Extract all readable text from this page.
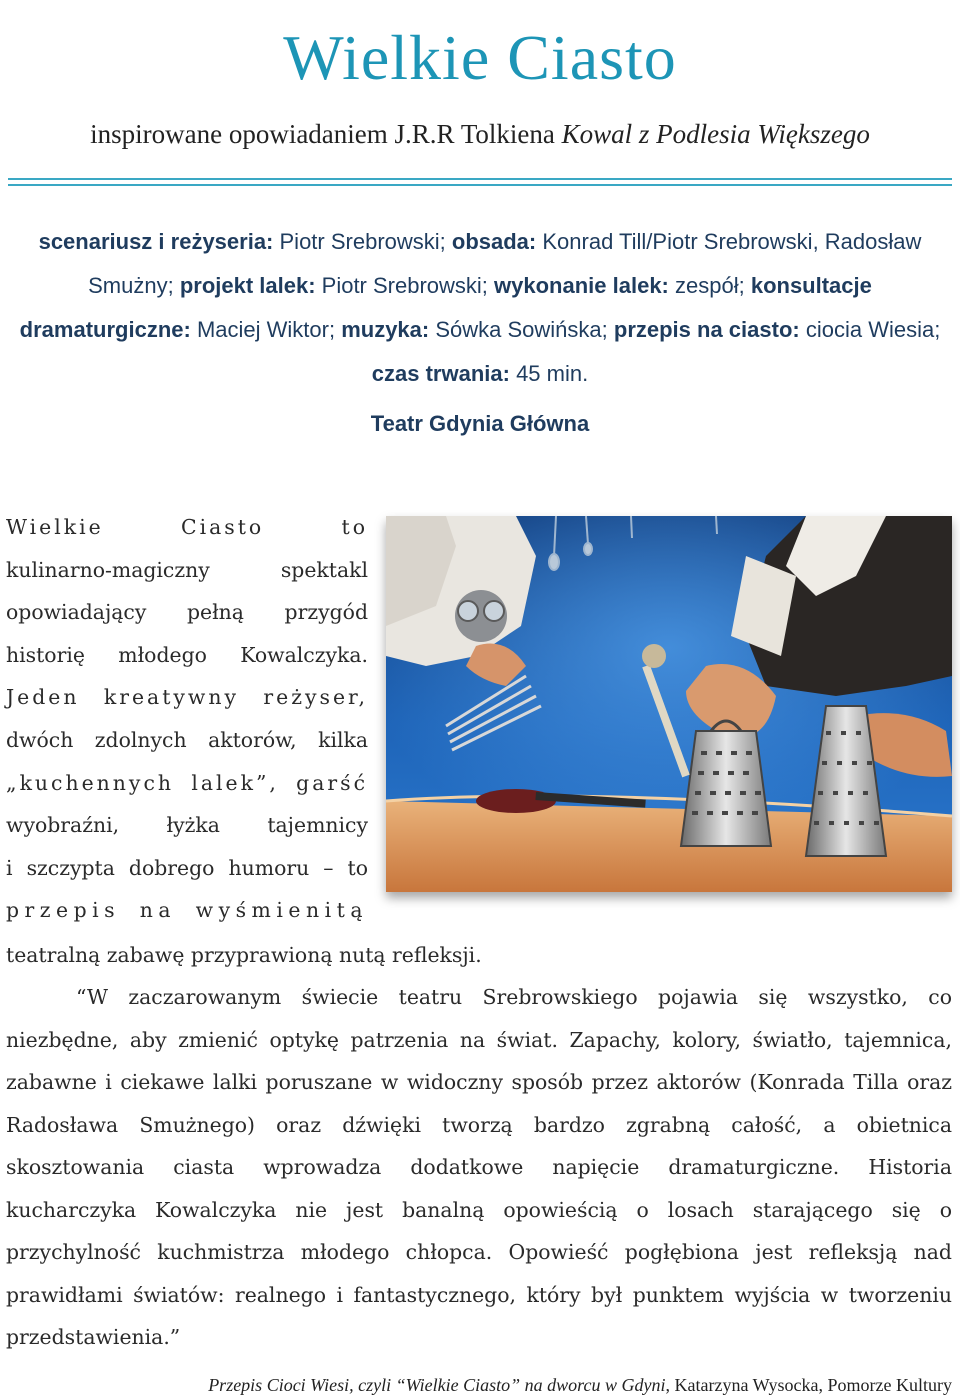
Wielkie Ciasto
inspirowane opowiadaniem J.R.R Tolkiena Kowal z Podlesia Większego
scenariusz i reżyseria: Piotr Srebrowski; obsada: Konrad Till/Piotr Srebrowski, Radosław Smużny; projekt lalek: Piotr Srebrowski; wykonanie lalek: zespół; konsultacje dramaturgiczne: Maciej Wiktor; muzyka: Sówka Sowińska; przepis na ciasto: ciocia Wiesia; czas trwania: 45 min.
Teatr Gdynia Główna
Wielkie Ciasto to
kulinarno-magiczny spektakl
opowiadający pełną przygód
historię młodego Kowalczyka.
Jeden kreatywny reżyser,
dwóch zdolnych aktorów, kilka
„kuchennych lalek”, garść
wyobraźni, łyżka tajemnicy
i szczypta dobrego humoru – to
przepis na wyśmienitą
teatralną zabawę przyprawioną nutą refleksji.
“W zaczarowanym świecie teatru Srebrowskiego pojawia się wszystko, co niezbędne, aby zmienić optykę patrzenia na świat. Zapachy, kolory, światło, tajemnica, zabawne i ciekawe lalki poruszane w widoczny sposób przez aktorów (Konrada Tilla oraz Radosława Smużnego) oraz dźwięki tworzą bardzo zgrabną całość, a obietnica skosztowania ciasta wprowadza dodatkowe napięcie dramaturgiczne. Historia kucharczyka Kowalczyka nie jest banalną opowieścią o losach starającego się o przychylność kuchmistrza młodego chłopca. Opowieść pogłębiona jest refleksją nad prawidłami światów: realnego i fantastycznego, który był punktem wyjścia w tworzeniu przedstawienia.”
Przepis Cioci Wiesi, czyli “Wielkie Ciasto” na dworcu w Gdyni, Katarzyna Wysocka, Pomorze Kultury
